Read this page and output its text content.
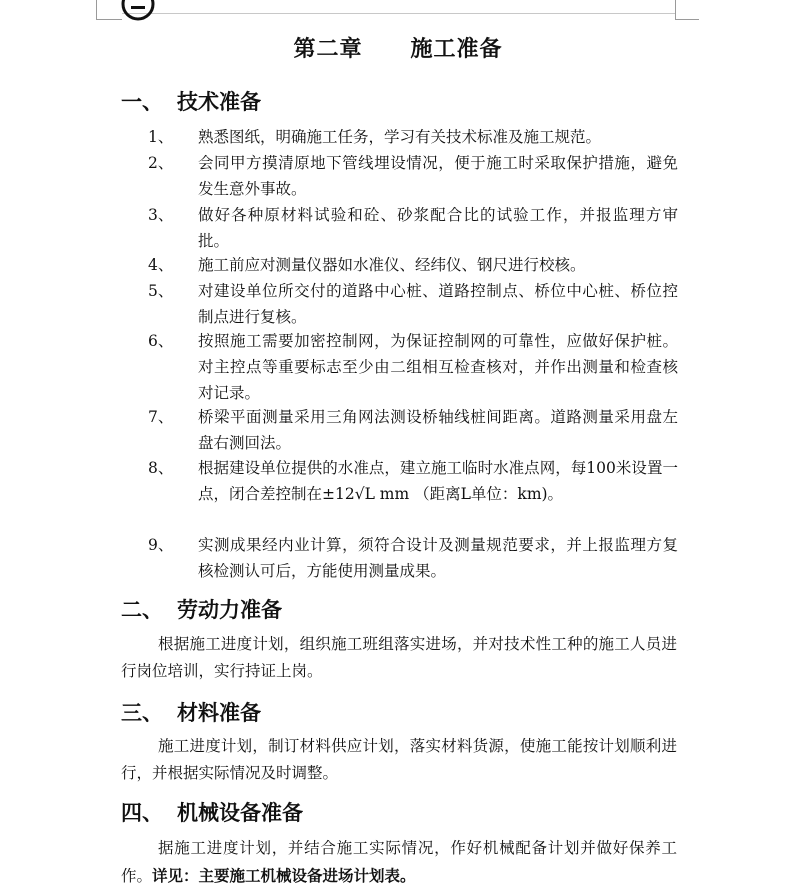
第二章 施工准备
一、 技术准备
1、 熟悉图纸，明确施工任务，学习有关技术标准及施工规范。
2、 会同甲方摸清原地下管线埋设情况，便于施工时采取保护措施，避免发生意外事故。
3、 做好各种原材料试验和砼、砂浆配合比的试验工作，并报监理方审批。
4、 施工前应对测量仪器如水准仪、经纬仪、钢尺进行校核。
5、 对建设单位所交付的道路中心桩、道路控制点、桥位中心桩、桥位控制点进行复核。
6、 按照施工需要加密控制网，为保证控制网的可靠性，应做好保护桩。对主控点等重要标志至少由二组相互检查核对，并作出测量和检查核对记录。
7、 桥梁平面测量采用三角网法测设桥轴线桩间距离。道路测量采用盘左盘右测回法。
8、 根据建设单位提供的水准点，建立施工临时水准点网，每100米设置一点，闭合差控制在±12√L mm （距离L单位：km)。
9、 实测成果经内业计算，须符合设计及测量规范要求，并上报监理方复核检测认可后，方能使用测量成果。
二、 劳动力准备
根据施工进度计划，组织施工班组落实进场，并对技术性工种的施工人员进行岗位培训，实行持证上岗。
三、 材料准备
施工进度计划，制订材料供应计划，落实材料货源，使施工能按计划顺利进行，并根据实际情况及时调整。
四、 机械设备准备
据施工进度计划，并结合施工实际情况，作好机械配备计划并做好保养工作。详见：主要施工机械设备进场计划表。
